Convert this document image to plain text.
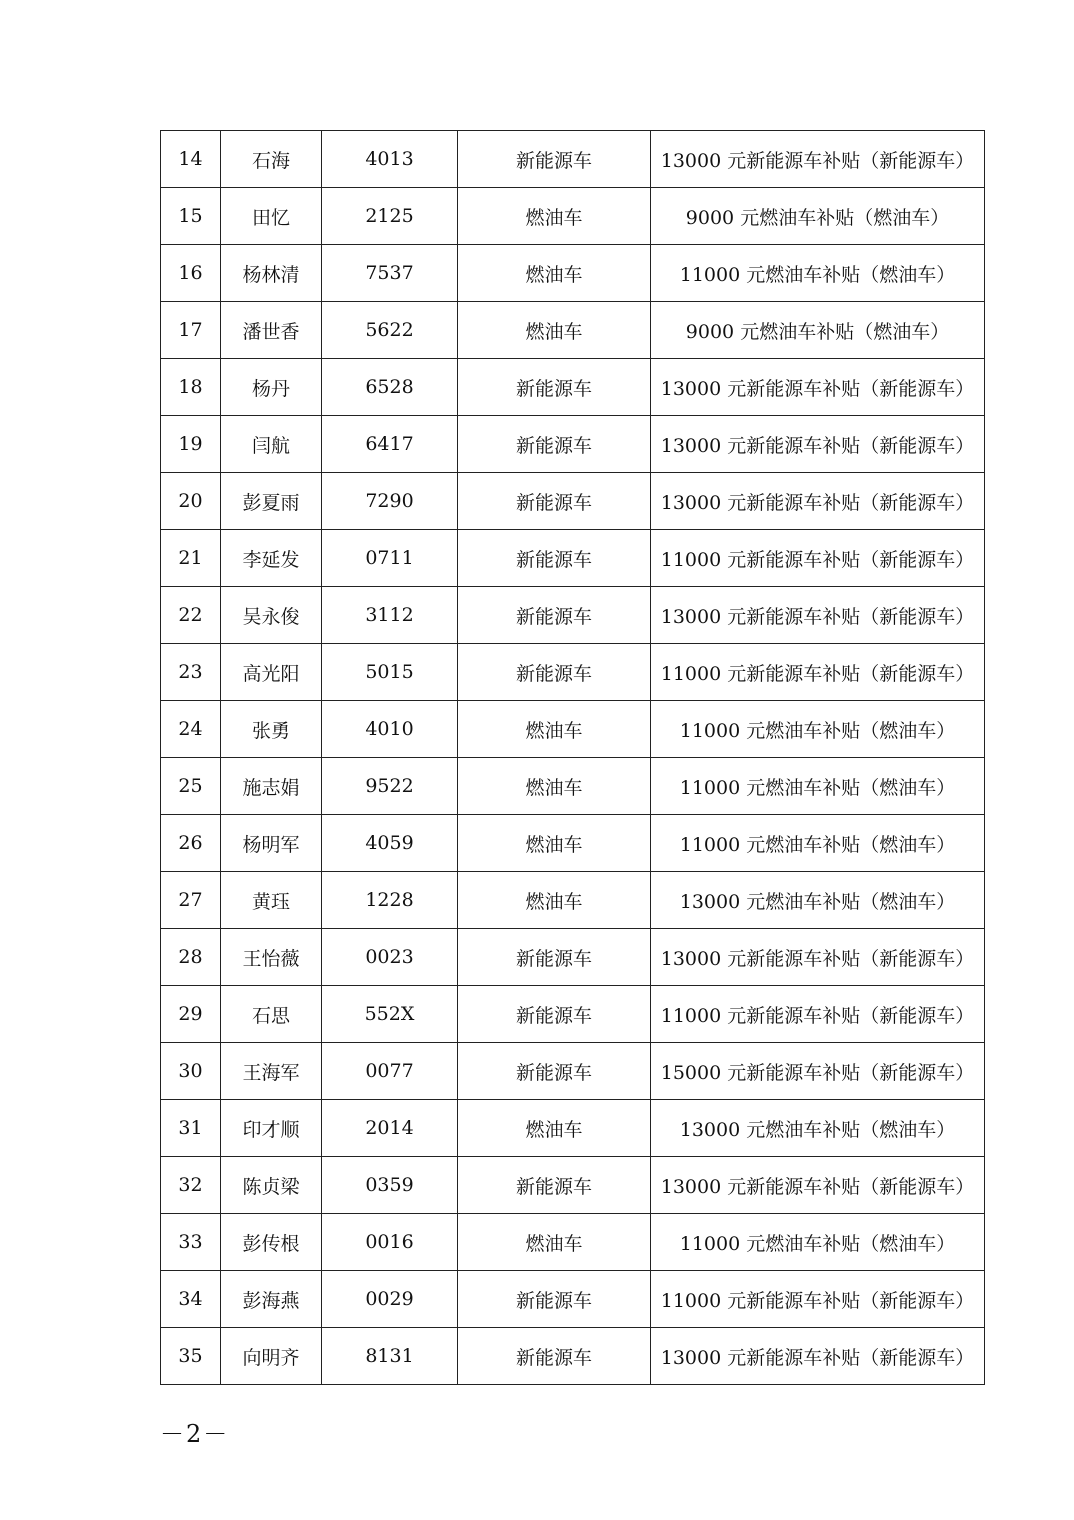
14	石海	4013	新能源车	13000 元新能源车补贴（新能源车）
15	田忆	2125	燃油车	9000 元燃油车补贴（燃油车）
16	杨林清	7537	燃油车	11000 元燃油车补贴（燃油车）
17	潘世香	5622	燃油车	9000 元燃油车补贴（燃油车）
18	杨丹	6528	新能源车	13000 元新能源车补贴（新能源车）
19	闫航	6417	新能源车	13000 元新能源车补贴（新能源车）
20	彭夏雨	7290	新能源车	13000 元新能源车补贴（新能源车）
21	李延发	0711	新能源车	11000 元新能源车补贴（新能源车）
22	吴永俊	3112	新能源车	13000 元新能源车补贴（新能源车）
23	高光阳	5015	新能源车	11000 元新能源车补贴（新能源车）
24	张勇	4010	燃油车	11000 元燃油车补贴（燃油车）
25	施志娟	9522	燃油车	11000 元燃油车补贴（燃油车）
26	杨明军	4059	燃油车	11000 元燃油车补贴（燃油车）
27	黄珏	1228	燃油车	13000 元燃油车补贴（燃油车）
28	王怡薇	0023	新能源车	13000 元新能源车补贴（新能源车）
29	石思	552X	新能源车	11000 元新能源车补贴（新能源车）
30	王海军	0077	新能源车	15000 元新能源车补贴（新能源车）
31	印才顺	2014	燃油车	13000 元燃油车补贴（燃油车）
32	陈贞梁	0359	新能源车	13000 元新能源车补贴（新能源车）
33	彭传根	0016	燃油车	11000 元燃油车补贴（燃油车）
34	彭海燕	0029	新能源车	11000 元新能源车补贴（新能源车）
35	向明齐	8131	新能源车	13000 元新能源车补贴（新能源车）
－2－
